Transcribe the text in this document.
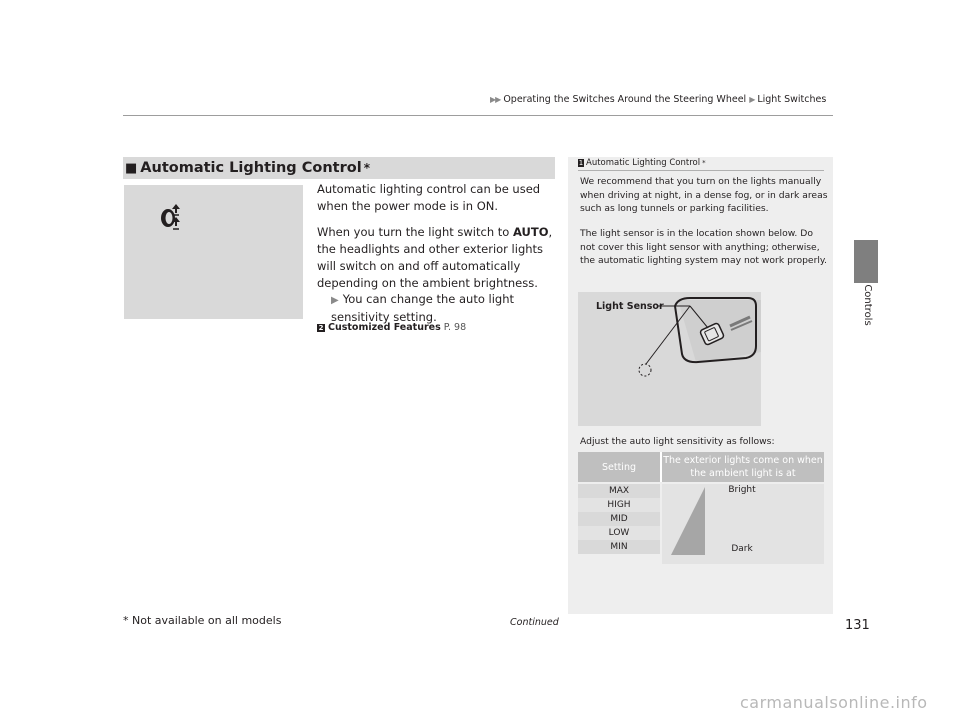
▶▶ Operating the Switches Around the Steering Wheel ▶ Light Switches
Controls
■ Automatic Lighting Control *
Automatic lighting control can be used when the power mode is in ON.
When you turn the light switch to AUTO, the headlights and other exterior lights will switch on and off automatically depending on the ambient brightness.
▶ You can change the auto light sensitivity setting.
2 Customized Features P. 98
1 Automatic Lighting Control *
We recommend that you turn on the lights manually when driving at night, in a dense fog, or in dark areas such as long tunnels or parking facilities.
The light sensor is in the location shown below. Do not cover this light sensor with anything; otherwise, the automatic lighting system may not work properly.
Light Sensor
Adjust the auto light sensitivity as follows:
Setting
The exterior lights come on when the ambient light is at
MAX
HIGH
MID
LOW
MIN
Bright
Dark
* Not available on all models	Continued	131
carmanualsonline.info
